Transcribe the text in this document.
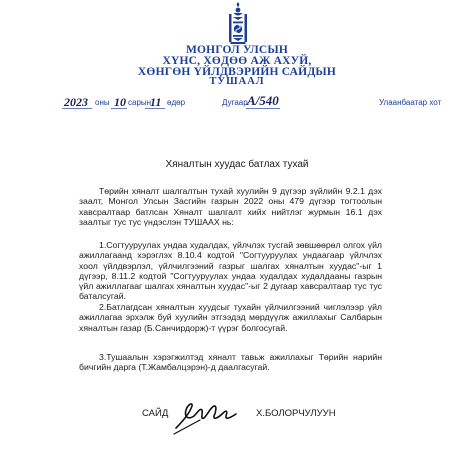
МОНГОЛ УЛСЫН
ХҮНС, ХӨДӨӨ АЖ АХУЙ,
ХӨНГӨН ҮЙЛДВЭРИЙН САЙДЫН
ТУШААЛ
2023 оны 10 сарын
11 өдөр	Дугаар А/540	Улаанбаатар хот
Хяналтын хуудас батлах тухай
Төрийн хяналт шалгалтын тухай хуулийн 9 дүгээр зүйлийн 9.2.1 дэх заалт, Монгол Улсын Засгийн газрын 2022 оны 479 дүгээр тогтоолын хавсралтаар батлсан Хяналт шалгалт хийх нийтлэг журмын 16.1 дэх заалтыг тус тус үндэслэн ТУШААХ нь:
1.Согтууруулах ундаа худалдах, үйлчлэх тусгай зөвшөөрөл олгох үйл ажиллагаанд хэрэглэх 8.10.4 кодтой "Согтууруулах ундаагаар үйлчлэх хоол үйлдвэрлэл, үйлчилгээний газрыг шалгах хяналтын хуудас"-ыг 1 дүгээр, 8.11.2 кодтой "Согтууруулах ундаа худалдах худалдааны газрын үйл ажиллагааг шалгах хяналтын хуудас"-ыг 2 дугаар хавсралтаар тус тус баталсугай.
2.Батлагдсан хяналтын хуудсыг тухайн үйлчилгээний чиглэлээр үйл ажиллагаа эрхэлж буй хуулийн этгээдэд мөрдүүлж ажиллахыг Салбарын хяналтын газар (Б.Санчирдорж)-т үүрэг болгосугай.
3.Тушаалын хэрэгжилтэд хяналт тавьж ажиллахыг Төрийн нарийн бичгийн дарга (Т.Жамбалцэрэн)-д даалгасугай.
САЙД	Х.БОЛОРЧУЛУУН
